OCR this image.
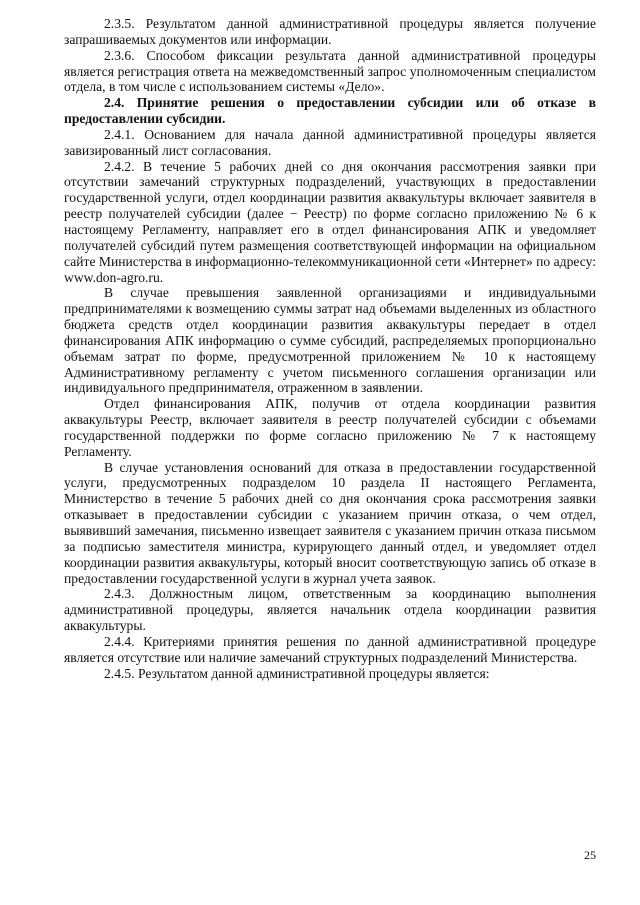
2.3.5. Результатом данной административной процедуры является получение запрашиваемых документов или информации.

2.3.6. Способом фиксации результата данной административной процедуры является регистрация ответа на межведомственный запрос уполномоченным специалистом отдела, в том числе с использованием системы «Дело».

2.4. Принятие решения о предоставлении субсидии или об отказе в предоставлении субсидии.

2.4.1. Основанием для начала данной административной процедуры является завизированный лист согласования.

2.4.2. В течение 5 рабочих дней со дня окончания рассмотрения заявки при отсутствии замечаний структурных подразделений, участвующих в предоставлении государственной услуги, отдел координации развития аквакультуры включает заявителя в реестр получателей субсидии (далее − Реестр) по форме согласно приложению № 6 к настоящему Регламенту, направляет его в отдел финансирования АПК и уведомляет получателей субсидий путем размещения соответствующей информации на официальном сайте Министерства в информационно-телекоммуникационной сети «Интернет» по адресу: www.don-agro.ru.

В случае превышения заявленной организациями и индивидуальными предпринимателями к возмещению суммы затрат над объемами выделенных из областного бюджета средств отдел координации развития аквакультуры передает в отдел финансирования АПК информацию о сумме субсидий, распределяемых пропорционально объемам затрат по форме, предусмотренной приложением № 10 к настоящему Административному регламенту с учетом письменного соглашения организации или индивидуального предпринимателя, отраженном в заявлении.

Отдел финансирования АПК, получив от отдела координации развития аквакультуры Реестр, включает заявителя в реестр получателей субсидии с объемами государственной поддержки по форме согласно приложению № 7 к настоящему Регламенту.

В случае установления оснований для отказа в предоставлении государственной услуги, предусмотренных подразделом 10 раздела II настоящего Регламента, Министерство в течение 5 рабочих дней со дня окончания срока рассмотрения заявки отказывает в предоставлении субсидии с указанием причин отказа, о чем отдел, выявивший замечания, письменно извещает заявителя с указанием причин отказа письмом за подписью заместителя министра, курирующего данный отдел, и уведомляет отдел координации развития аквакультуры, который вносит соответствующую запись об отказе в предоставлении государственной услуги в журнал учета заявок.

2.4.3. Должностным лицом, ответственным за координацию выполнения административной процедуры, является начальник отдела координации развития аквакультуры.

2.4.4. Критериями принятия решения по данной административной процедуре является отсутствие или наличие замечаний структурных подразделений Министерства.

2.4.5. Результатом данной административной процедуры является:

25
